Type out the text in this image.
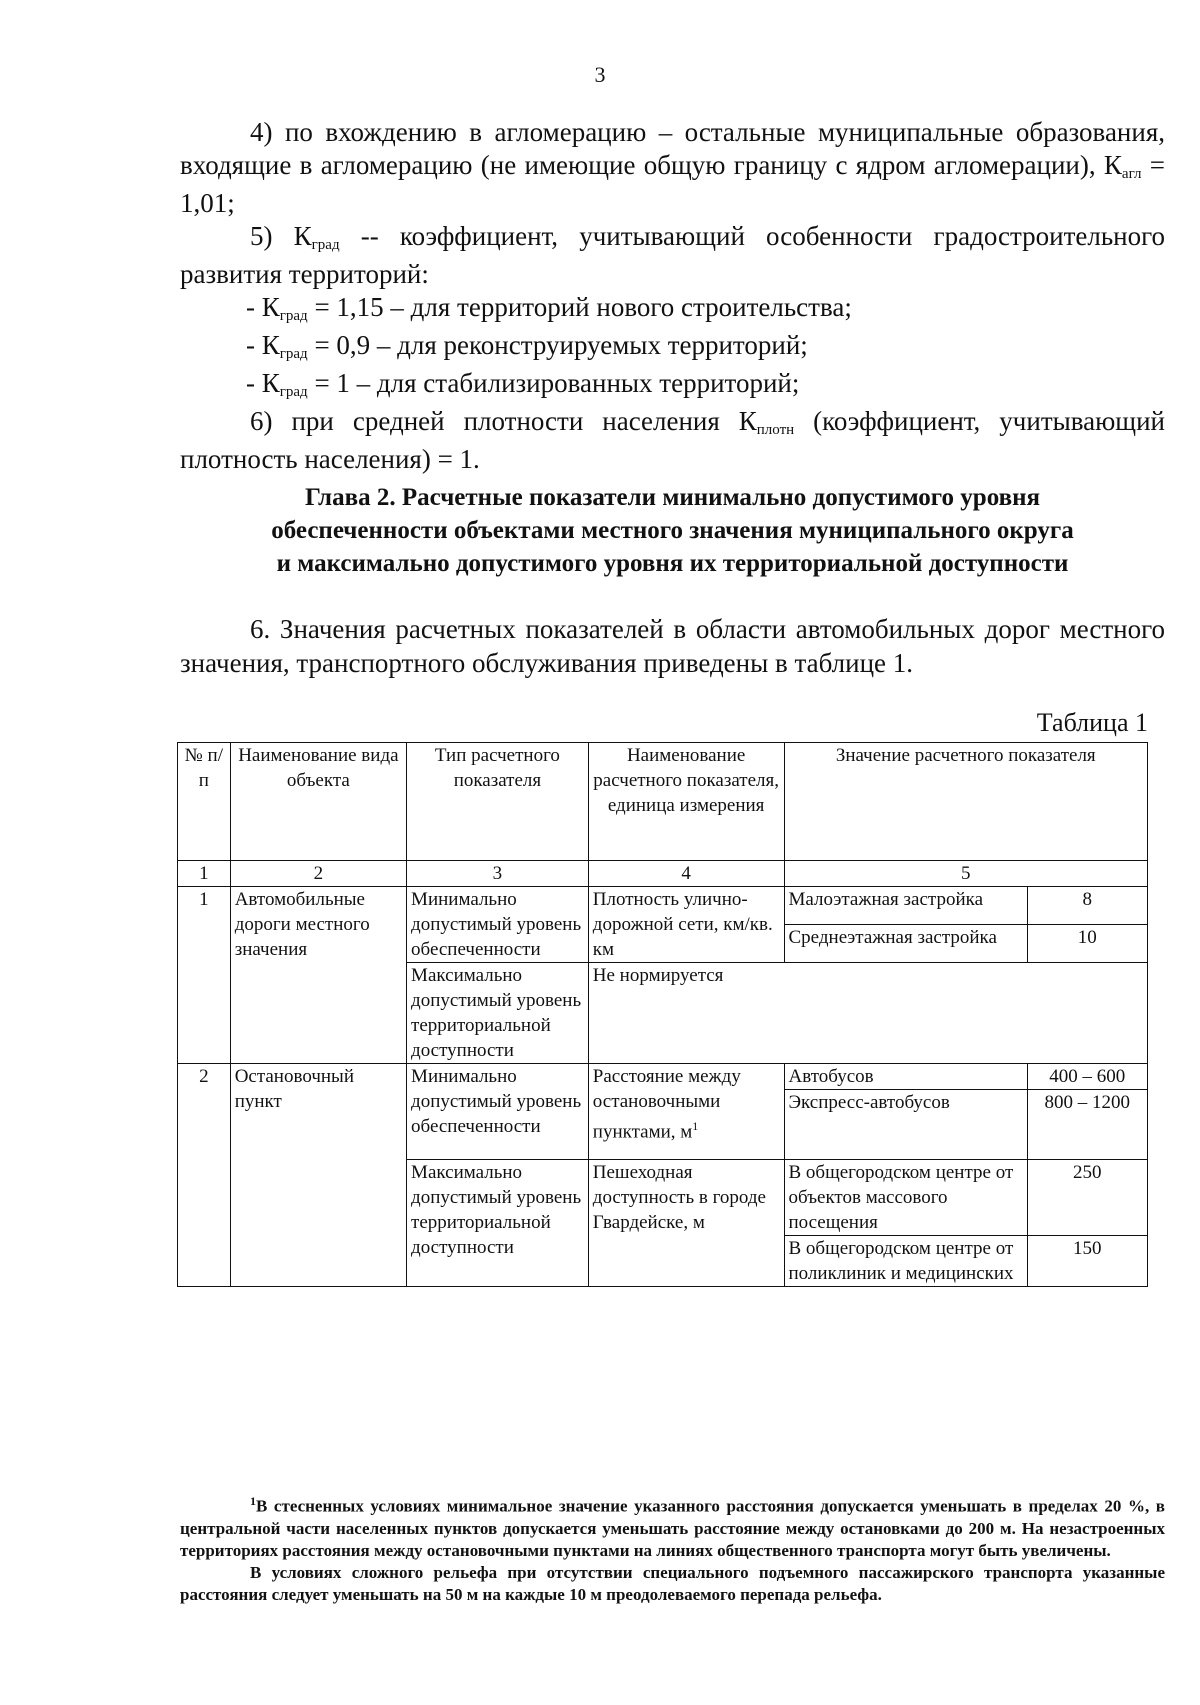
3

4) по вхождению в агломерацию – остальные муниципальные образования, входящие в агломерацию (не имеющие общую границу с ядром агломерации), Кагл = 1,01;

5) Кград -- коэффициент, учитывающий особенности градостроительного развития территорий:

- Кград = 1,15 – для территорий нового строительства;

- Кград = 0,9 – для реконструируемых территорий;

- Кград = 1 – для стабилизированных территорий;

6) при средней плотности населения Кплотн (коэффициент, учитывающий плотность населения) = 1.

Глава 2. Расчетные показатели минимально допустимого уровня

обеспеченности объектами местного значения муниципального округа

и максимально допустимого уровня их территориальной доступности

6. Значения расчетных показателей в области автомобильных дорог местного значения, транспортного обслуживания приведены в таблице 1.

Таблица 1
№ п/п	Наименование вида объекта	Тип расчетного показателя	Наименование расчетного показателя, единица измерения	Значение расчетного показателя	
1	2	3	4	5	
1	Автомобильные дороги местного значения	Минимально допустимый уровень обеспеченности	Плотность улично-дорожной сети, км/кв. км	Малоэтажная застройка	8
				Среднеэтажная застройка	10
		Максимально допустимый уровень территориальной доступности	Не нормируется		
2	Остановочный пункт	Минимально допустимый уровень обеспеченности	Расстояние между остановочными пунктами, $м^1$	Автобусов	400 – 600
				Экспресс-автобусов	800 – 1200
		Максимально допустимый уровень территориальной доступности	Пешеходная доступность в городе Гвардейске, м	В общегородском центре от объектов массового посещения	250
				В общегородском центре от поликлиник и медицинских	150

$^1$В стесненных условиях минимальное значение указанного расстояния допускается уменьшать в пределах 20 %, в центральной части населенных пунктов допускается уменьшать расстояние между остановками до 200 м. На незастроенных территориях расстояния между остановочными пунктами на линиях общественного транспорта могут быть увеличены.

В условиях сложного рельефа при отсутствии специального подъемного пассажирского транспорта указанные расстояния следует уменьшать на 50 м на каждые 10 м преодолеваемого перепада рельефа.
